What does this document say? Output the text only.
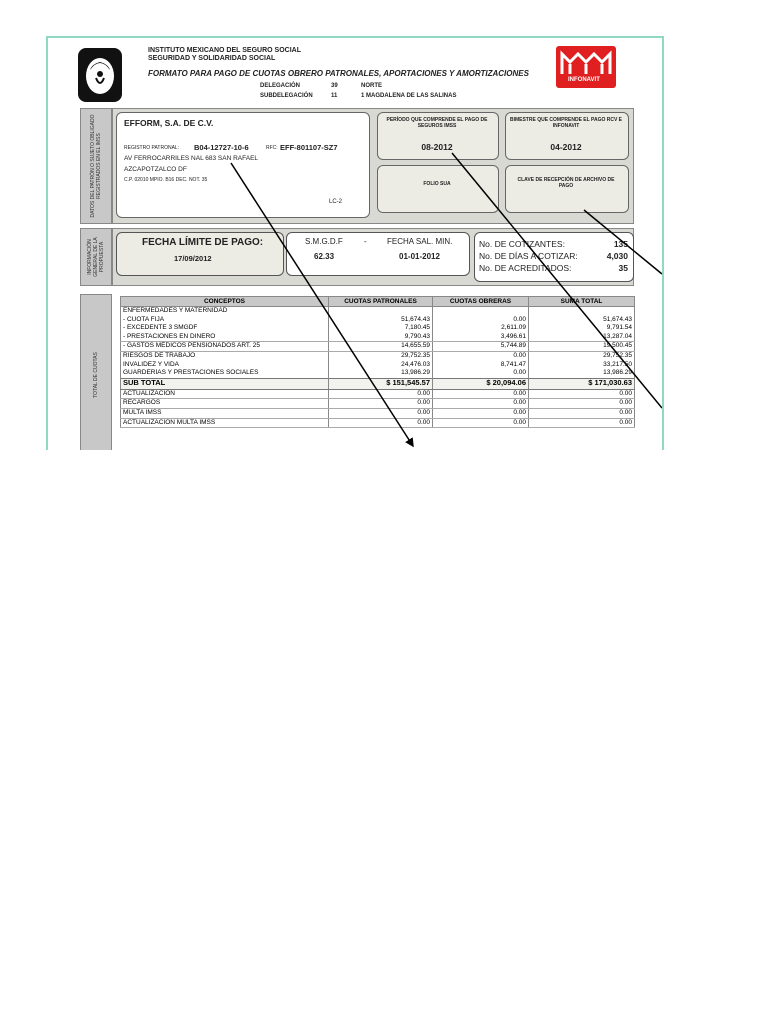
INSTITUTO MEXICANO DEL SEGURO SOCIAL
SEGURIDAD Y SOLIDARIDAD SOCIAL
FORMATO PARA PAGO DE CUOTAS OBRERO PATRONALES, APORTACIONES Y AMORTIZACIONES
DELEGACIÓN	39	NORTE
SUBDELEGACIÓN	11	1 MAGDALENA DE LAS SALINAS
INFONAVIT
DATOS DEL PATRÓN O SUJETO OBLIGADO REGISTRADOS EN EL IMSS
EFFORM, S.A. DE C.V.
REGISTRO PATRONAL: B04-12727-10-6	RFC: EFF-801107-SZ7
AV FERROCARRILES NAL 683 SAN RAFAEL
AZCAPOTZALCO DF
C.P. 02010 MPIO. B16 DEC. NOT. 35
LC-2
PERÍODO QUE COMPRENDE EL PAGO DE SEGUROS IMSS
08-2012
BIMESTRE QUE COMPRENDE EL PAGO RCV E INFONAVIT
04-2012
FOLIO SUA
CLAVE DE RECEPCIÓN DE ARCHIVO DE PAGO
INFORMACIÓN GENERAL DE LA PROPUESTA	FECHA LÍMITE DE PAGO:
17/09/2012
S.M.G.D.F	-	FECHA SAL. MIN.
62.33	01-01-2012
No. DE COTIZANTES:	135
No. DE DÍAS A COTIZAR:	4,030
No. DE ACREDITADOS:	35
TOTAL DE CUOTAS
CONCEPTOS	CUOTAS PATRONALES	CUOTAS OBRERAS	SUMA TOTAL
ENFERMEDADES Y MATERNIDAD			
- CUOTA FIJA	51,674.43	0.00	51,674.43
- EXCEDENTE 3 SMGDF	7,180.45	2,611.09	9,791.54
- PRESTACIONES EN DINERO	9,790.43	3,496.61	13,287.04
- GASTOS MÉDICOS PENSIONADOS ART. 25	14,655.59	5,744.89	19,500.45
RIESGOS DE TRABAJO	29,752.35	0.00	29,752.35
INVALIDEZ Y VIDA	24,476.03	8,741.47	33,217.50
GUARDERÍAS Y PRESTACIONES SOCIALES	13,986.29	0.00	13,986.29
SUB TOTAL	$ 151,545.57	$ 20,094.06	$ 171,030.63
ACTUALIZACIÓN	0.00	0.00	0.00
RECARGOS	0.00	0.00	0.00
MULTA IMSS	0.00	0.00	0.00
ACTUALIZACIÓN MULTA IMSS	0.00	0.00	0.00
